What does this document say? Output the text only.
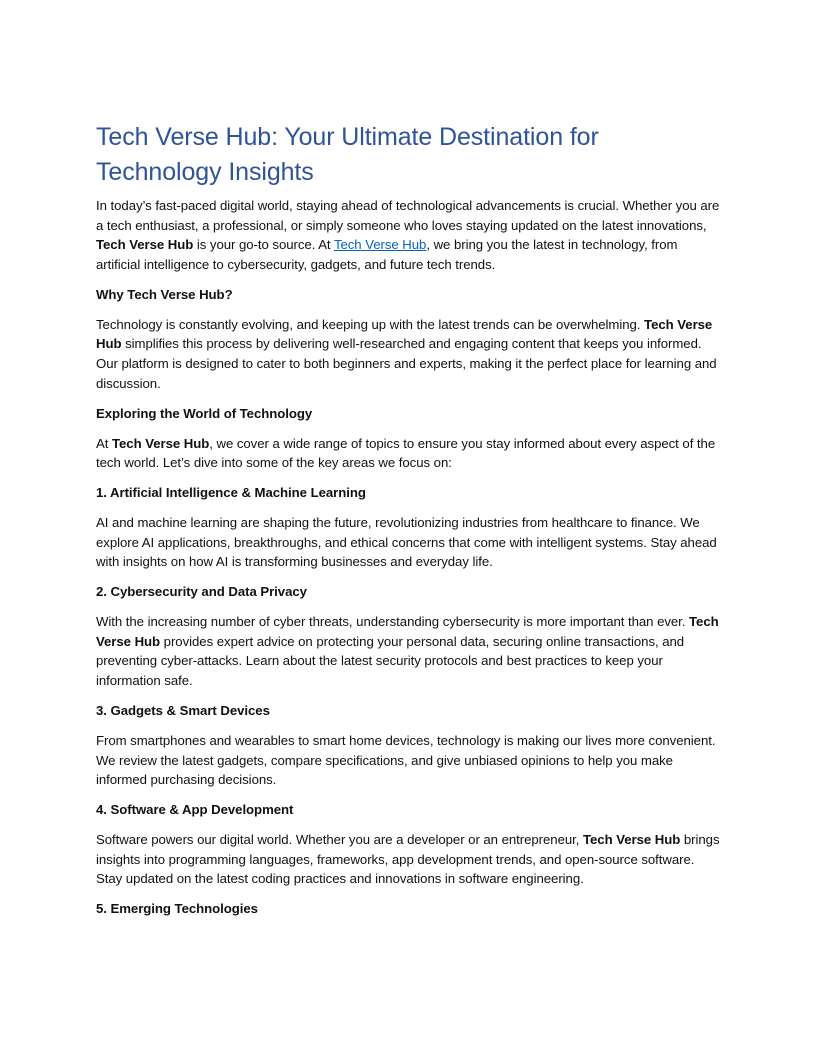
Tech Verse Hub: Your Ultimate Destination for Technology Insights

In today’s fast-paced digital world, staying ahead of technological advancements is crucial. Whether you are a tech enthusiast, a professional, or simply someone who loves staying updated on the latest innovations, Tech Verse Hub is your go-to source. At Tech Verse Hub, we bring you the latest in technology, from artificial intelligence to cybersecurity, gadgets, and future tech trends.

Why Tech Verse Hub?

Technology is constantly evolving, and keeping up with the latest trends can be overwhelming. Tech Verse Hub simplifies this process by delivering well-researched and engaging content that keeps you informed. Our platform is designed to cater to both beginners and experts, making it the perfect place for learning and discussion.

Exploring the World of Technology

At Tech Verse Hub, we cover a wide range of topics to ensure you stay informed about every aspect of the tech world. Let’s dive into some of the key areas we focus on:

1. Artificial Intelligence & Machine Learning

AI and machine learning are shaping the future, revolutionizing industries from healthcare to finance. We explore AI applications, breakthroughs, and ethical concerns that come with intelligent systems. Stay ahead with insights on how AI is transforming businesses and everyday life.

2. Cybersecurity and Data Privacy

With the increasing number of cyber threats, understanding cybersecurity is more important than ever. Tech Verse Hub provides expert advice on protecting your personal data, securing online transactions, and preventing cyber-attacks. Learn about the latest security protocols and best practices to keep your information safe.

3. Gadgets & Smart Devices

From smartphones and wearables to smart home devices, technology is making our lives more convenient. We review the latest gadgets, compare specifications, and give unbiased opinions to help you make informed purchasing decisions.

4. Software & App Development

Software powers our digital world. Whether you are a developer or an entrepreneur, Tech Verse Hub brings insights into programming languages, frameworks, app development trends, and open-source software. Stay updated on the latest coding practices and innovations in software engineering.

5. Emerging Technologies
